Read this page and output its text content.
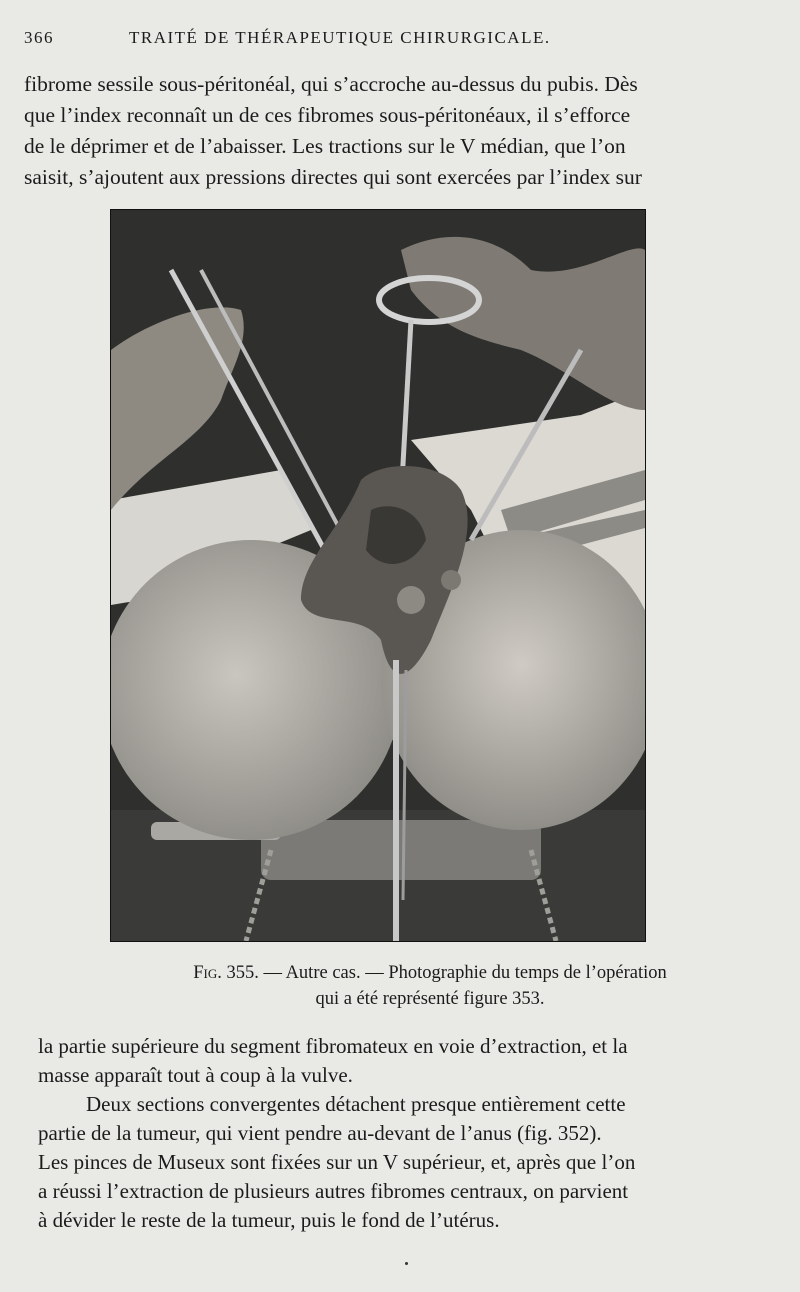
366	TRAITÉ DE THÉRAPEUTIQUE CHIRURGICALE.
fibrome sessile sous-péritonéal, qui s’accroche au-dessus du pubis. Dès
que l’index reconnaît un de ces fibromes sous-péritonéaux, il s’efforce
de le déprimer et de l’abaisser. Les tractions sur le V médian, que l’on
saisit, s’ajoutent aux pressions directes qui sont exercées par l’index sur
Fig. 355. — Autre cas. — Photographie du temps de l’opération
qui a été représenté figure 353.

la partie supérieure du segment fibromateux en voie d’extraction, et la
masse apparaît tout à coup à la vulve.

Deux sections convergentes détachent presque entièrement cette
partie de la tumeur, qui vient pendre au-devant de l’anus (fig. 352).
Les pinces de Museux sont fixées sur un V supérieur, et, après que l’on
a réussi l’extraction de plusieurs autres fibromes centraux, on parvient
à dévider le reste de la tumeur, puis le fond de l’utérus.
